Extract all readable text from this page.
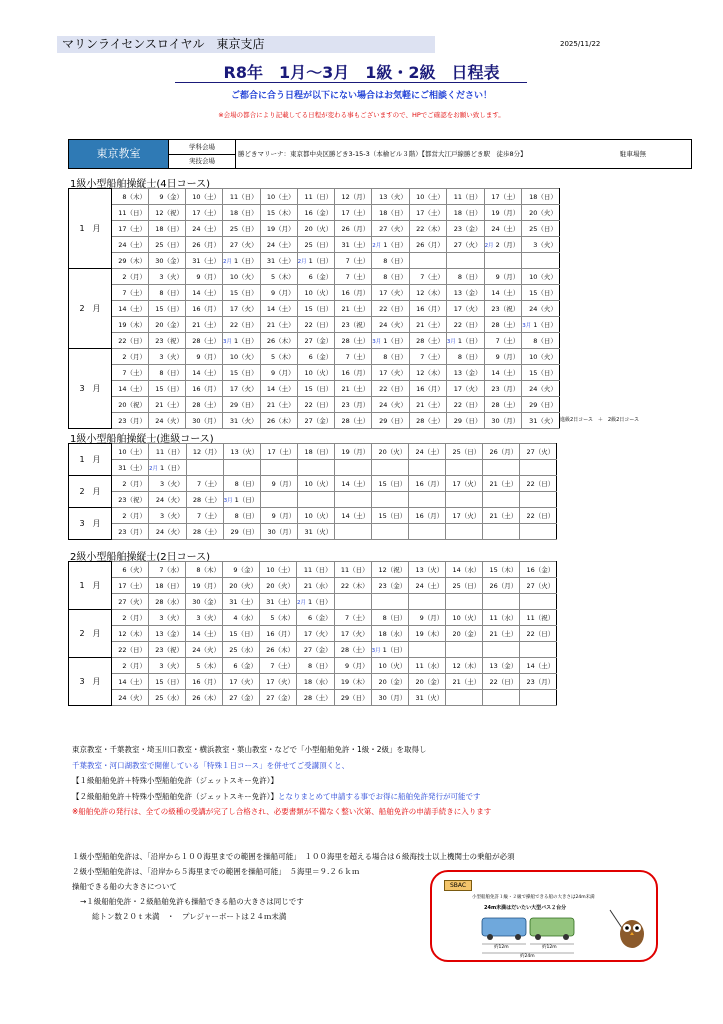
マリンライセンスロイヤル　東京支店	2025/11/22
R8年　1月～3月　1級・2級　日程表
ご都合に合う日程が以下にない場合はお気軽にご相談ください！
※会場の都合により記載してる日程が変わる事もございますので、HPでご確認をお願い致します。
東京教室	学科会場
実技会場
勝どきマリーナ：東京都中央区勝どき3-15-3（本檜ビル３階）【都営大江戸線勝どき駅　徒歩8分】	駐車場無
1級小型船舶操縦士(4日コース)
1　月	8（木）	9（金）	10（土）	11（日）	10（土）	11（日）	12（月）	13（火）	10（土）	11（日）	17（土）	18（日）
	11（日）	12（祝）	17（土）	18（日）	15（木）	16（金）	17（土）	18（日）	17（土）	18（日）	19（月）	20（火）
	17（土）	18（日）	24（土）	25（日）	19（月）	20（火）	26（月）	27（火）	22（木）	23（金）	24（土）	25（日）
	24（土）	25（日）	26（月）	27（火）	24（土）	25（日）	31（土）	2月 1（日）	26（月）	27（火）	2月 2（月）	3（火）
	29（木）	30（金）	31（土）	2月 1（日）	31（土）	2月 1（日）	7（土）	8（日）				
2　月	2（月）	3（火）	9（月）	10（火）	5（木）	6（金）	7（土）	8（日）	7（土）	8（日）	9（月）	10（火）
	7（土）	8（日）	14（土）	15（日）	9（月）	10（火）	16（月）	17（火）	12（木）	13（金）	14（土）	15（日）
	14（土）	15（日）	16（月）	17（火）	14（土）	15（日）	21（土）	22（日）	16（月）	17（火）	23（祝）	24（火）
	19（木）	20（金）	21（土）	22（日）	21（土）	22（日）	23（祝）	24（火）	21（土）	22（日）	28（土）	3月 1（日）
	22（日）	23（祝）	28（土）	3月 1（日）	26（木）	27（金）	28（土）	3月 1（日）	28（土）	3月 1（日）	7（土）	8（日）
3　月	2（月）	3（火）	9（月）	10（火）	5（木）	6（金）	7（土）	8（日）	7（土）	8（日）	9（月）	10（火）
	7（土）	8（日）	14（土）	15（日）	9（月）	10（火）	16（月）	17（火）	12（木）	13（金）	14（土）	15（日）
	14（土）	15（日）	16（月）	17（火）	14（土）	15（日）	21（土）	22（日）	16（月）	17（火）	23（月）	24（火）
	20（祝）	21（土）	28（土）	29（日）	21（土）	22（日）	23（月）	24（火）	21（土）	22（日）	28（土）	29（日）
	23（月）	24（火）	30（月）	31（火）	26（木）	27（金）	28（土）	29（日）	28（土）	29（日）	30（月）	31（火） 進級2日コース　＋　2級2日コース
1級小型船舶操縦士(進級コース)
1　月	10（土）	11（日）	12（月）	13（火）	17（土）	18（日）	19（月）	20（火）	24（土）	25（日）	26（月）	27（火）
	31（土）	2月 1（日）										
2　月	2（月）	3（火）	7（土）	8（日）	9（月）	10（火）	14（土）	15（日）	16（月）	17（火）	21（土）	22（日）
	23（祝）	24（火）	28（土）	3月 1（日）								
3　月	2（月）	3（火）	7（土）	8（日）	9（月）	10（火）	14（土）	15（日）	16（月）	17（火）	21（土）	22（日）
	23（月）	24（火）	28（土）	29（日）	30（月）	31（火）						
2級小型船舶操縦士(2日コース)
1　月	6（火）	7（水）	8（木）	9（金）	10（土）	11（日）	11（日）	12（祝）	13（火）	14（水）	15（木）	16（金）
	17（土）	18（日）	19（月）	20（火）	20（火）	21（水）	22（木）	23（金）	24（土）	25（日）	26（月）	27（火）
	27（火）	28（水）	30（金）	31（土）	31（土）	2月 1（日）						
2　月	2（月）	3（火）	3（火）	4（水）	5（木）	6（金）	7（土）	8（日）	9（月）	10（火）	11（水）	11（祝）
	12（木）	13（金）	14（土）	15（日）	16（月）	17（火）	17（火）	18（水）	19（木）	20（金）	21（土）	22（日）
	22（日）	23（祝）	24（火）	25（水）	26（木）	27（金）	28（土）	3月 1（日）				
3　月	2（月）	3（火）	5（木）	6（金）	7（土）	8（日）	9（月）	10（火）	11（水）	12（木）	13（金）	14（土）
	14（土）	15（日）	16（月）	17（火）	17（火）	18（水）	19（木）	20（金）	20（金）	21（土）	22（日）	23（月）
	24（火）	25（水）	26（木）	27（金）	27（金）	28（土）	29（日）	30（月）	31（火）			
東京教室・千葉教室・埼玉川口教室・横浜教室・葉山教室・などで「小型船舶免許・1級・2級」を取得し
千葉教室・河口湖教室で開催している「特殊１日コース」を併せてご受講頂くと、
【１級船舶免許＋特殊小型船舶免許（ジェットスキー免許）】
【２級船舶免許＋特殊小型船舶免許（ジェットスキー免許）】となりまとめて申請する事でお得に船舶免許発行が可能です
※船舶免許の発行は、全ての級種の受講が完了し合格され、必要書類が不備なく整い次第、船舶免許の申請手続きに入ります
１級小型船舶免許は、「沿岸から１００海里までの範囲を操船可能」　１００海里を超える場合は６級海技士以上機関士の乗船が必須
２級小型船舶免許は、「沿岸から５海里までの範囲を操船可能」　５海里＝９.２６ｋｍ
操船できる船の大きさについて
→１級船舶免許・２級船舶免許も操船できる船の大きさは同じです
総トン数２０ｔ未満　・　プレジャーボートは２４ｍ未満
SBAC
小型船舶免許１級・２級で操船できる船の大きさは24m未満
24m未満はだいたい大型バス２台分
約12m	約12m
約24m
